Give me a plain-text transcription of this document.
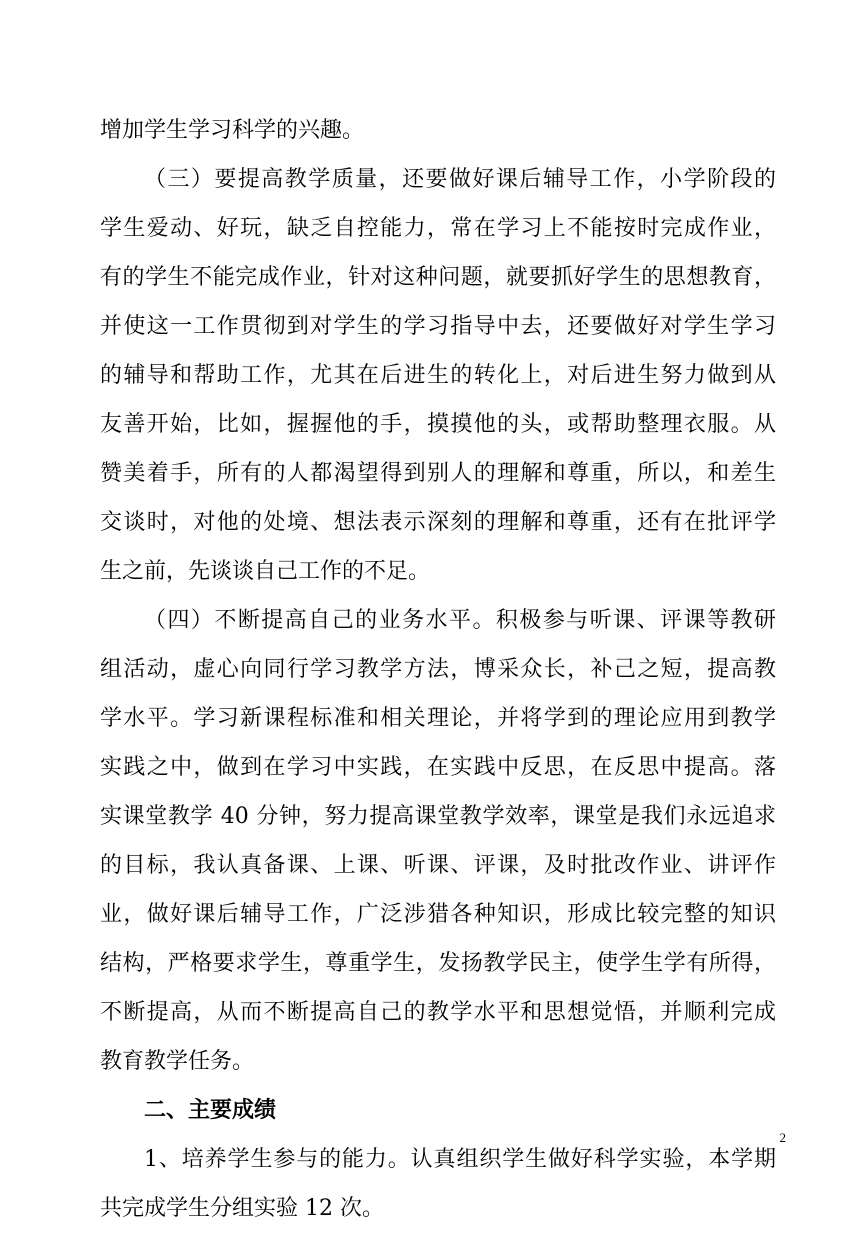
增加学生学习科学的兴趣。
（三）要提高教学质量，还要做好课后辅导工作，小学阶段的
学生爱动、好玩，缺乏自控能力，常在学习上不能按时完成作业，
有的学生不能完成作业，针对这种问题，就要抓好学生的思想教育，
并使这一工作贯彻到对学生的学习指导中去，还要做好对学生学习
的辅导和帮助工作，尤其在后进生的转化上，对后进生努力做到从
友善开始，比如，握握他的手，摸摸他的头，或帮助整理衣服。从
赞美着手，所有的人都渴望得到别人的理解和尊重，所以，和差生
交谈时，对他的处境、想法表示深刻的理解和尊重，还有在批评学
生之前，先谈谈自己工作的不足。
（四）不断提高自己的业务水平。积极参与听课、评课等教研
组活动，虚心向同行学习教学方法，博采众长，补己之短，提高教
学水平。学习新课程标准和相关理论，并将学到的理论应用到教学
实践之中，做到在学习中实践，在实践中反思，在反思中提高。落
实课堂教学 40 分钟，努力提高课堂教学效率，课堂是我们永远追求
的目标，我认真备课、上课、听课、评课，及时批改作业、讲评作
业，做好课后辅导工作，广泛涉猎各种知识，形成比较完整的知识
结构，严格要求学生，尊重学生，发扬教学民主，使学生学有所得，
不断提高，从而不断提高自己的教学水平和思想觉悟，并顺利完成
教育教学任务。
二、主要成绩
1、培养学生参与的能力。认真组织学生做好科学实验，本学期
共完成学生分组实验 12 次。
2
